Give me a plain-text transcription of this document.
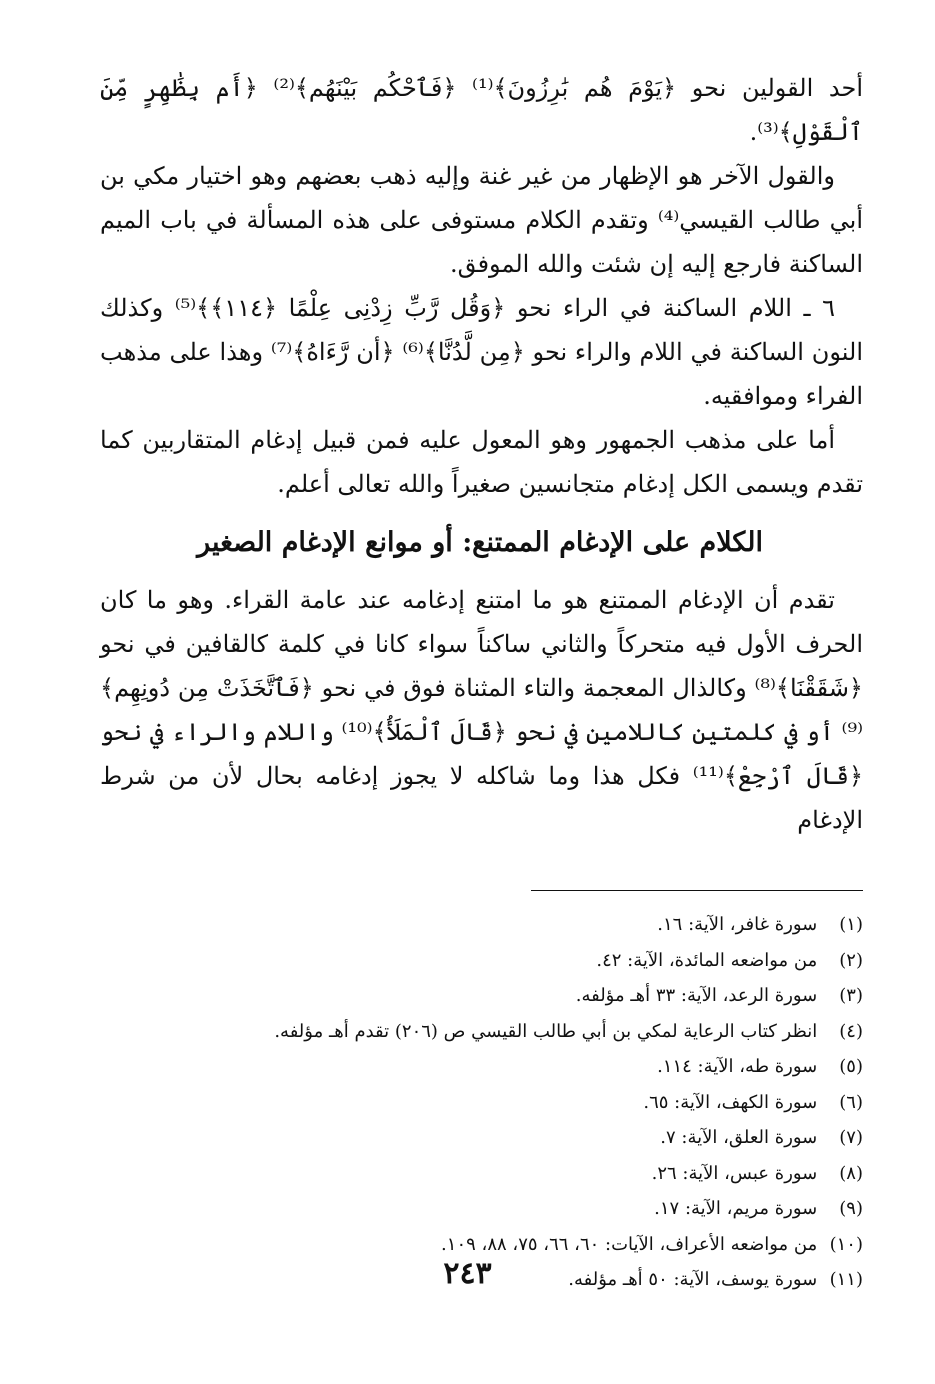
أحد القولين نحو ﴿يَوْمَ هُم بَٰرِزُونَ﴾⁽¹⁾ ﴿فَٱحْكُم بَيْنَهُم﴾⁽²⁾ ﴿أَم بِظَٰهِرٍ مِّنَ ٱلْقَوْلِ﴾⁽³⁾.

والقول الآخر هو الإظهار من غير غنة وإليه ذهب بعضهم وهو اختيار مكي بن أبي طالب القيسي⁽⁴⁾ وتقدم الكلام مستوفى على هذه المسألة في باب الميم الساكنة فارجع إليه إن شئت والله الموفق.

٦ ـ اللام الساكنة في الراء نحو ﴿وَقُل رَّبِّ زِدْنِى عِلْمًا ﴿١١٤﴾﴾⁽⁵⁾ وكذلك النون الساكنة في اللام والراء نحو ﴿مِن لَّدُنَّا﴾⁽⁶⁾ ﴿أن رَّءَاهُ﴾⁽⁷⁾ وهذا على مذهب الفراء وموافقيه.

أما على مذهب الجمهور وهو المعول عليه فمن قبيل إدغام المتقاربين كما تقدم ويسمى الكل إدغام متجانسين صغيراً والله تعالى أعلم.

الكلام على الإدغام الممتنع: أو موانع الإدغام الصغير

تقدم أن الإدغام الممتنع هو ما امتنع إدغامه عند عامة القراء. وهو ما كان الحرف الأول فيه متحركاً والثاني ساكناً سواء كانا في كلمة كالقافين في نحو ﴿شَقَقْنَا﴾⁽⁸⁾ وكالذال المعجمة والتاء المثناة فوق في نحو ﴿فَٱتَّخَذَتْ مِن دُونِهِم﴾⁽⁹⁾ أو في كلمتين كاللامين في نحو ﴿قَالَ ٱلْمَلَأُ﴾⁽¹⁰⁾ واللام والراء في نحو ﴿قَالَ ٱرْجِعْ﴾⁽¹¹⁾ فكل هذا وما شاكله لا يجوز إدغامه بحال لأن من شرط الإدغام

(١) سورة غافر، الآية: ١٦.
(٢) من مواضعه المائدة، الآية: ٤٢.
(٣) سورة الرعد، الآية: ٣٣ أهـ مؤلفه.
(٤) انظر كتاب الرعاية لمكي بن أبي طالب القيسي ص (٢٠٦) تقدم أهـ مؤلفه.
(٥) سورة طه، الآية: ١١٤.
(٦) سورة الكهف، الآية: ٦٥.
(٧) سورة العلق، الآية: ٧.
(٨) سورة عبس، الآية: ٢٦.
(٩) سورة مريم، الآية: ١٧.
(١٠) من مواضعه الأعراف، الآيات: ٦٠، ٦٦، ٧٥، ٨٨، ١٠٩.
(١١) سورة يوسف، الآية: ٥٠ أهـ مؤلفه.
٢٤٣
